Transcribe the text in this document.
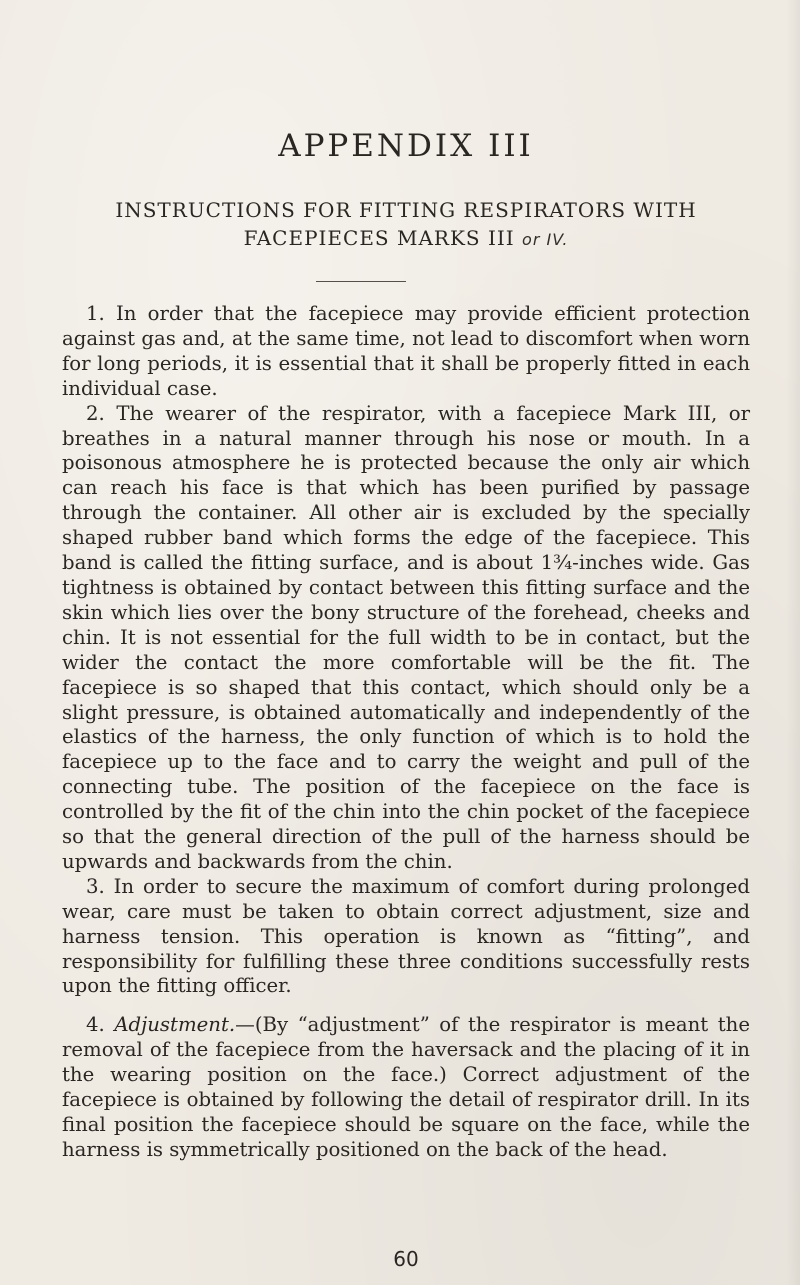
APPENDIX III
INSTRUCTIONS FOR FITTING RESPIRATORS WITH
FACEPIECES MARKS III or IV.

1. In order that the facepiece may provide efficient protection against gas and, at the same time, not lead to discomfort when worn for long periods, it is essential that it shall be properly fitted in each individual case.

2. The wearer of the respirator, with a facepiece Mark III, or breathes in a natural manner through his nose or mouth. In a poisonous atmosphere he is protected because the only air which can reach his face is that which has been purified by passage through the container. All other air is excluded by the specially shaped rubber band which forms the edge of the facepiece. This band is called the fitting surface, and is about 1¾-inches wide. Gas tightness is obtained by contact between this fitting surface and the skin which lies over the bony structure of the forehead, cheeks and chin. It is not essential for the full width to be in contact, but the wider the contact the more comfortable will be the fit. The facepiece is so shaped that this contact, which should only be a slight pressure, is obtained automatically and independently of the elastics of the harness, the only function of which is to hold the facepiece up to the face and to carry the weight and pull of the connecting tube. The position of the facepiece on the face is controlled by the fit of the chin into the chin pocket of the facepiece so that the general direction of the pull of the harness should be upwards and backwards from the chin.

3. In order to secure the maximum of comfort during prolonged wear, care must be taken to obtain correct adjustment, size and harness tension. This operation is known as “fitting”, and responsibility for fulfilling these three conditions successfully rests upon the fitting officer.

4. Adjustment.—(By “adjustment” of the respirator is meant the removal of the facepiece from the haversack and the placing of it in the wearing position on the face.) Correct adjustment of the facepiece is obtained by following the detail of respirator drill. In its final position the facepiece should be square on the face, while the harness is symmetrically positioned on the back of the head.

60
